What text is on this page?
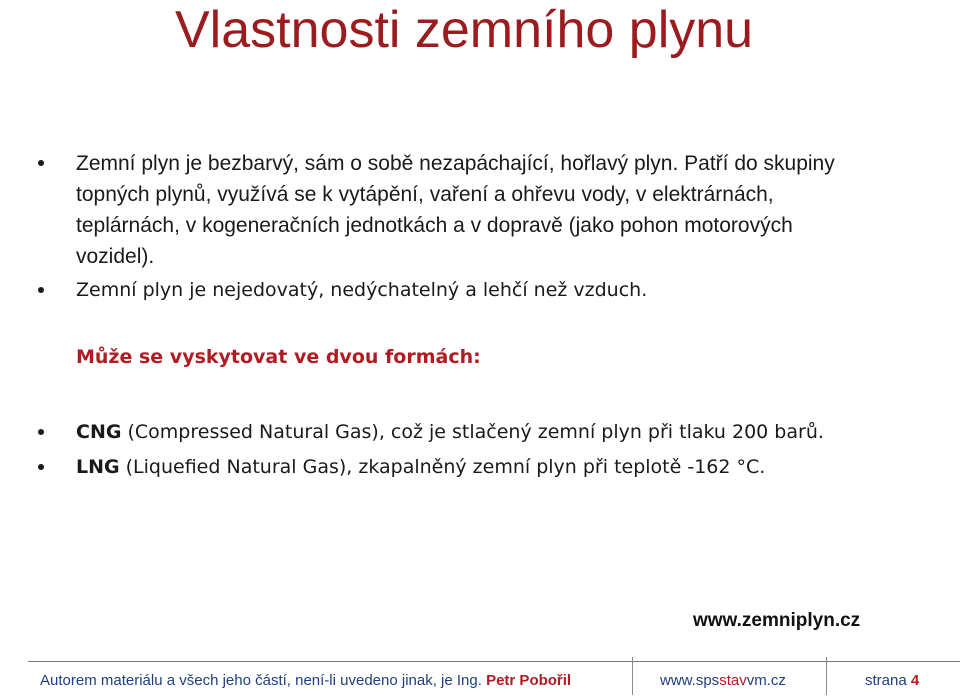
Vlastnosti zemního plynu
Zemní plyn je bezbarvý, sám o sobě nezapáchající, hořlavý plyn. Patří do skupiny
topných plynů, využívá se k vytápění, vaření a ohřevu vody, v elektrárnách,
teplárnách, v kogeneračních jednotkách a v dopravě (jako pohon motorových
vozidel).
Zemní plyn je nejedovatý, nedýchatelný a lehčí než vzduch.
Může se vyskytovat ve dvou formách:
CNG (Compressed Natural Gas), což je stlačený zemní plyn při tlaku 200 barů.
LNG (Liquefied Natural Gas), zkapalněný zemní plyn při teplotě -162 °C.
www.zemniplyn.cz
Autorem materiálu a všech jeho částí, není-li uvedeno jinak, je Ing. Petr Pobořil	www.spsstavvm.cz	strana 4
